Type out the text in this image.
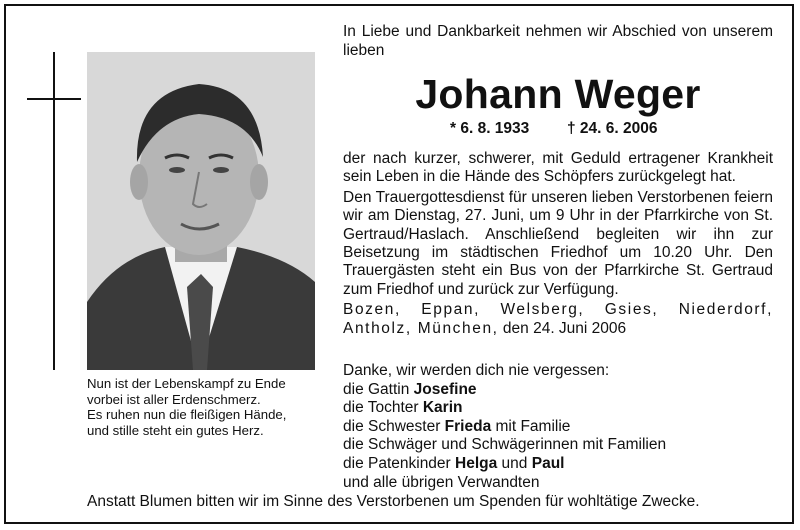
Nun ist der Lebenskampf zu Ende
vorbei ist aller Erdenschmerz.
Es ruhen nun die fleißigen Hände,
und stille steht ein gutes Herz.
In Liebe und Dankbarkeit nehmen wir Abschied von unserem lieben
Johann Weger
* 6. 8. 1933 † 24. 6. 2006

der nach kurzer, schwerer, mit Geduld ertragener Krankheit sein Leben in die Hände des Schöpfers zurückgelegt hat.

Den Trauergottesdienst für unseren lieben Verstorbenen feiern wir am Dienstag, 27. Juni, um 9 Uhr in der Pfarrkirche von St. Gertraud/Haslach. Anschließend begleiten wir ihn zur Beisetzung im städtischen Friedhof um 10.20 Uhr. Den Trauergästen steht ein Bus von der Pfarrkirche St. Gertraud zum Friedhof und zurück zur Verfügung.

Bozen, Eppan, Welsberg, Gsies, Niederdorf, Antholz, München, den 24. Juni 2006

Danke, wir werden dich nie vergessen:
die Gattin Josefine
die Tochter Karin
die Schwester Frieda mit Familie
die Schwäger und Schwägerinnen mit Familien
die Patenkinder Helga und Paul
und alle übrigen Verwandten
Anstatt Blumen bitten wir im Sinne des Verstorbenen um Spenden für wohltätige Zwecke.
